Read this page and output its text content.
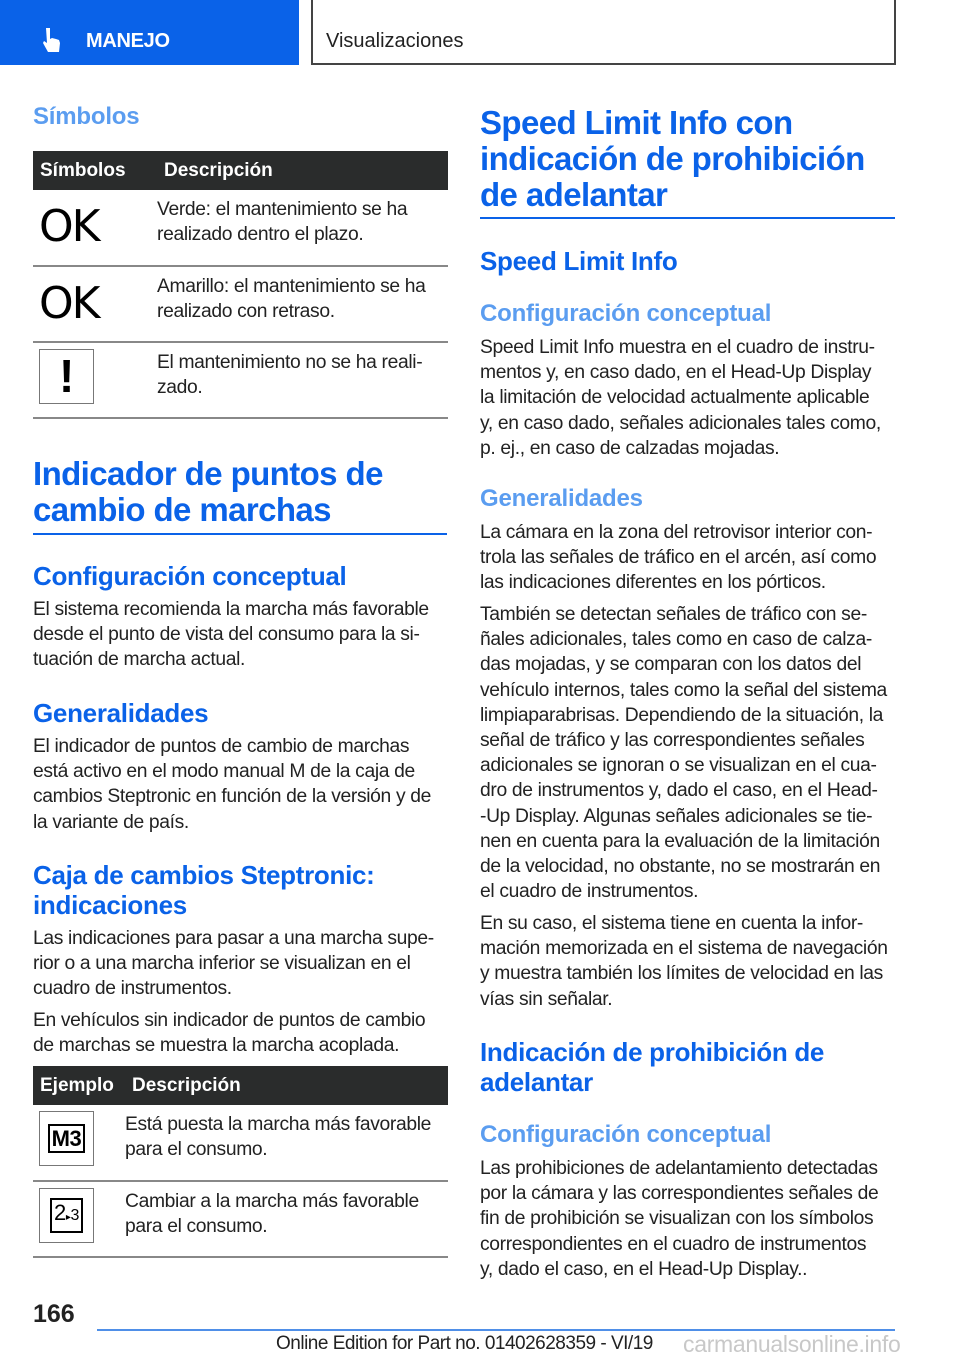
MANEJO	Visualizaciones
Símbolos
Símbolos	Descripción

OK	Verde: el mantenimiento se ha
realizado dentro el plazo.

OK	Amarillo: el mantenimiento se ha
realizado con retraso.

!	El mantenimiento no se ha reali-
zado.
Indicador de puntos de
cambio de marchas
Configuración conceptual
El sistema recomienda la marcha más favorable
desde el punto de vista del consumo para la si-
tuación de marcha actual.
Generalidades
El indicador de puntos de cambio de marchas
está activo en el modo manual M de la caja de
cambios Steptronic en función de la versión y de
la variante de país.
Caja de cambios Steptronic:
indicaciones
Las indicaciones para pasar a una marcha supe-
rior o a una marcha inferior se visualizan en el
cuadro de instrumentos.
En vehículos sin indicador de puntos de cambio
de marchas se muestra la marcha acoplada.
Ejemplo	Descripción

M3	Está puesta la marcha más favorable
para el consumo.

2▸3	Cambiar a la marcha más favorable
para el consumo.
Speed Limit Info con
indicación de prohibición
de adelantar
Speed Limit Info
Configuración conceptual
Speed Limit Info muestra en el cuadro de instru-
mentos y, en caso dado, en el Head-Up Display
la limitación de velocidad actualmente aplicable
y, en caso dado, señales adicionales tales como,
p. ej., en caso de calzadas mojadas.
Generalidades
La cámara en la zona del retrovisor interior con-
trola las señales de tráfico en el arcén, así como
las indicaciones diferentes en los pórticos.
También se detectan señales de tráfico con se-
ñales adicionales, tales como en caso de calza-
das mojadas, y se comparan con los datos del
vehículo internos, tales como la señal del sistema
limpiaparabrisas. Dependiendo de la situación, la
señal de tráfico y las correspondientes señales
adicionales se ignoran o se visualizan en el cua-
dro de instrumentos y, dado el caso, en el Head-
-Up Display. Algunas señales adicionales se tie-
nen en cuenta para la evaluación de la limitación
de la velocidad, no obstante, no se mostrarán en
el cuadro de instrumentos.
En su caso, el sistema tiene en cuenta la infor-
mación memorizada en el sistema de navegación
y muestra también los límites de velocidad en las
vías sin señalar.
Indicación de prohibición de
adelantar
Configuración conceptual
Las prohibiciones de adelantamiento detectadas
por la cámara y las correspondientes señales de
fin de prohibición se visualizan con los símbolos
correspondientes en el cuadro de instrumentos
y, dado el caso, en el Head-Up Display..
166
Online Edition for Part no. 01402628359 - VI/19 carmanualsonline.info
